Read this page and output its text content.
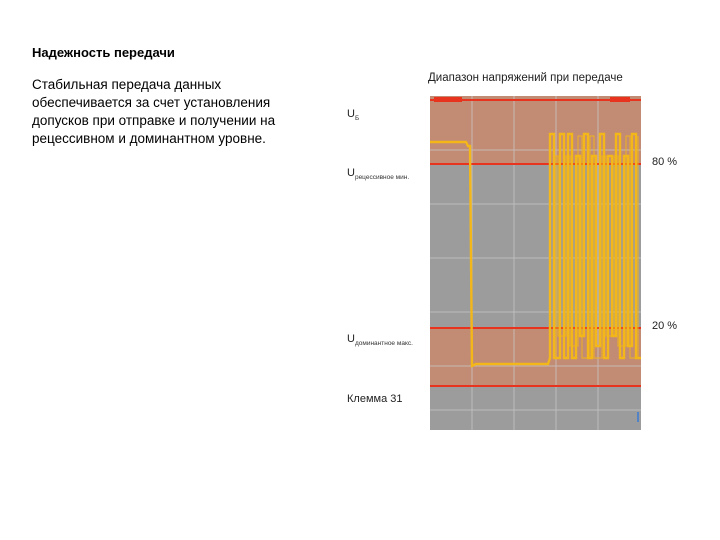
Надежность передачи
Стабильная передача данных обеспечивается за счет установления допусков при отправке и получении на рецессивном и доминантном уровне.
Диапазон напряжений при передаче
$U_Б$
$U_{рецессивное мин.}$
$U_{доминантное макс.}$
Клемма 31
80 %
20 %
